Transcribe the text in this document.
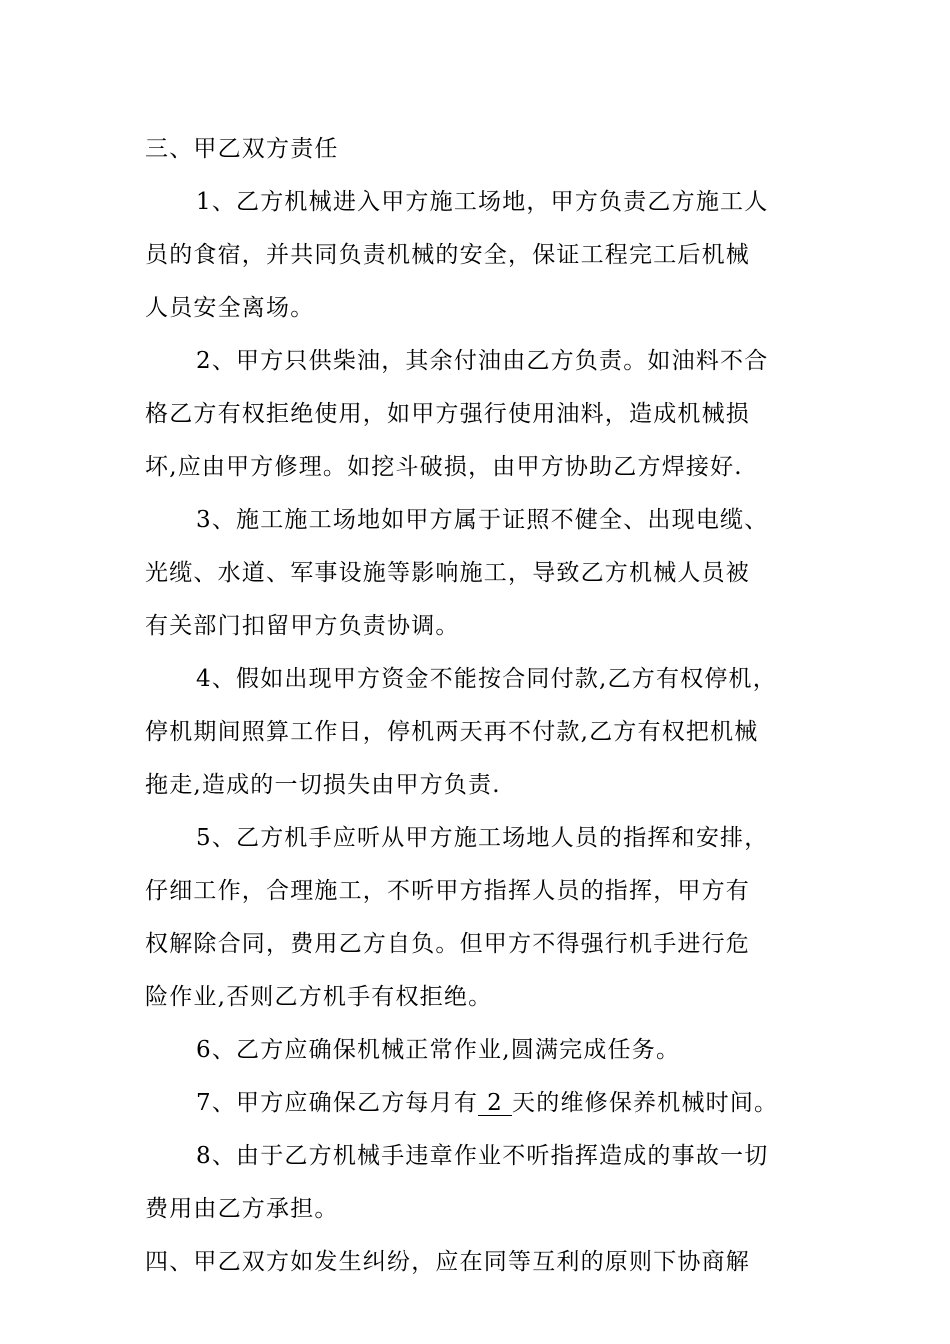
三、甲乙双方责任
1、乙方机械进入甲方施工场地，甲方负责乙方施工人
员的食宿，并共同负责机械的安全，保证工程完工后机械
人员安全离场。
2、甲方只供柴油，其余付油由乙方负责。如油料不合
格乙方有权拒绝使用，如甲方强行使用油料，造成机械损
坏,应由甲方修理。如挖斗破损，由甲方协助乙方焊接好.
3、施工施工场地如甲方属于证照不健全、出现电缆、
光缆、水道、军事设施等影响施工，导致乙方机械人员被
有关部门扣留甲方负责协调。
4、假如出现甲方资金不能按合同付款,乙方有权停机，
停机期间照算工作日，停机两天再不付款,乙方有权把机械
拖走,造成的一切损失由甲方负责.
5、乙方机手应听从甲方施工场地人员的指挥和安排，
仔细工作，合理施工，不听甲方指挥人员的指挥，甲方有
权解除合同，费用乙方自负。但甲方不得强行机手进行危
险作业,否则乙方机手有权拒绝。
6、乙方应确保机械正常作业,圆满完成任务。
7、甲方应确保乙方每月有 2 天的维修保养机械时间。
8、由于乙方机械手违章作业不听指挥造成的事故一切
费用由乙方承担。
四、甲乙双方如发生纠纷，应在同等互利的原则下协商解
